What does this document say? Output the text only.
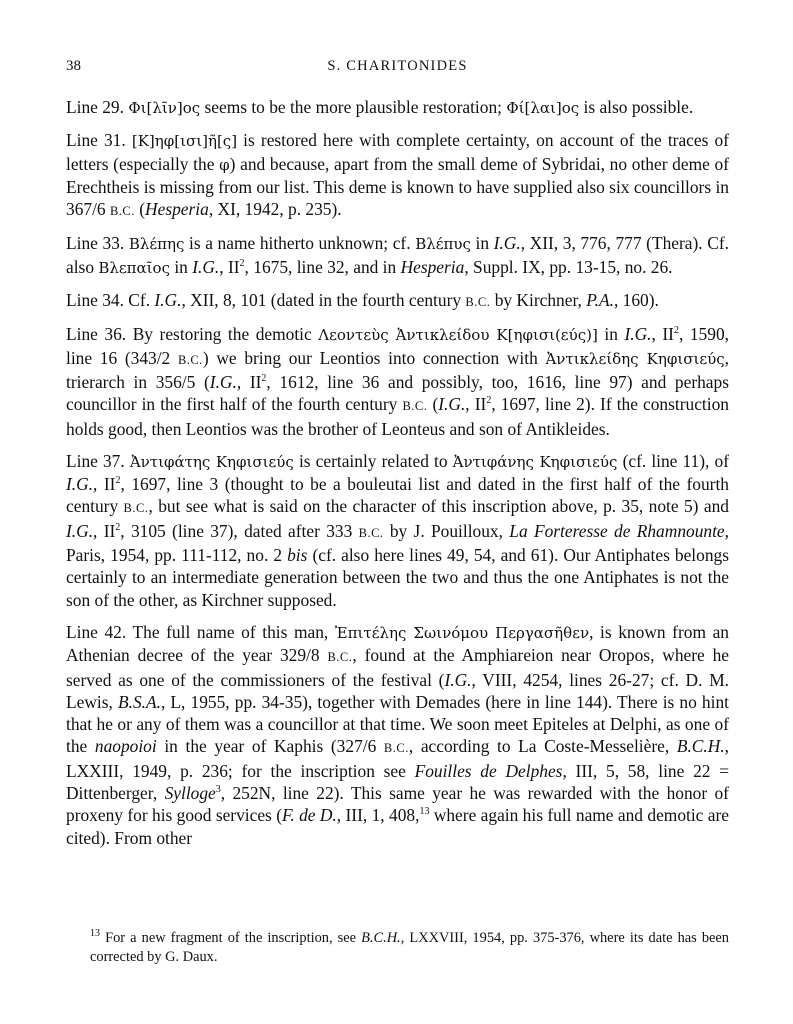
38	S. CHARITONIDES

Line 29. Φι[λῖν]ος seems to be the more plausible restoration; Φί[λαι]ος is also possible.

Line 31. [Κ]ηφ[ισι]ῆ[ς] is restored here with complete certainty, on account of the traces of letters (especially the φ) and because, apart from the small deme of Sybridai, no other deme of Erechtheis is missing from our list. This deme is known to have supplied also six councillors in 367/6 B.C. (Hesperia, XI, 1942, p. 235).

Line 33. Βλέπης is a name hitherto unknown; cf. Βλέπυς in I.G., XII, 3, 776, 777 (Thera). Cf. also Βλεπαῖος in I.G., $II^2$, 1675, line 32, and in Hesperia, Suppl. IX, pp. 13-15, no. 26.

Line 34. Cf. I.G., XII, 8, 101 (dated in the fourth century B.C. by Kirchner, P.A., 160).

Line 36. By restoring the demotic Λεοντεὺς Ἀντικλείδου Κ[ηφισι(εύς)] in I.G., $II^2$, 1590, line 16 (343/2 B.C.) we bring our Leontios into connection with Ἀντικλείδης Κηφισιεύς, trierarch in 356/5 (I.G., $II^2$, 1612, line 36 and possibly, too, 1616, line 97) and perhaps councillor in the first half of the fourth century B.C. (I.G., $II^2$, 1697, line 2). If the construction holds good, then Leontios was the brother of Leonteus and son of Antikleides.

Line 37. Ἀντιφάτης Κηφισιεύς is certainly related to Ἀντιφάνης Κηφισιεύς (cf. line 11), of I.G., $II^2$, 1697, line 3 (thought to be a bouleutai list and dated in the first half of the fourth century B.C., but see what is said on the character of this inscription above, p. 35, note 5) and I.G., $II^2$, 3105 (line 37), dated after 333 B.C. by J. Pouilloux, La Forteresse de Rhamnounte, Paris, 1954, pp. 111-112, no. 2 bis (cf. also here lines 49, 54, and 61). Our Antiphates belongs certainly to an intermediate generation between the two and thus the one Antiphates is not the son of the other, as Kirchner supposed.

Line 42. The full name of this man, Ἐπιτέλης Σωινόμου Περγασῆθεν, is known from an Athenian decree of the year 329/8 B.C., found at the Amphiareion near Oropos, where he served as one of the commissioners of the festival (I.G., VIII, 4254, lines 26-27; cf. D. M. Lewis, B.S.A., L, 1955, pp. 34-35), together with Demades (here in line 144). There is no hint that he or any of them was a councillor at that time. We soon meet Epiteles at Delphi, as one of the naopoioi in the year of Kaphis (327/6 B.C., according to La Coste-Messelière, B.C.H., LXXIII, 1949, p. 236; for the inscription see Fouilles de Delphes, III, 5, 58, line 22 = Dittenberger, Sylloge$^3$, 252N, line 22). This same year he was rewarded with the honor of proxeny for his good services (F. de D., III, 1, 408,13 where again his full name and demotic are cited). From other

$^{13}$ For a new fragment of the inscription, see B.C.H., LXXVIII, 1954, pp. 375-376, where its date has been corrected by G. Daux.
